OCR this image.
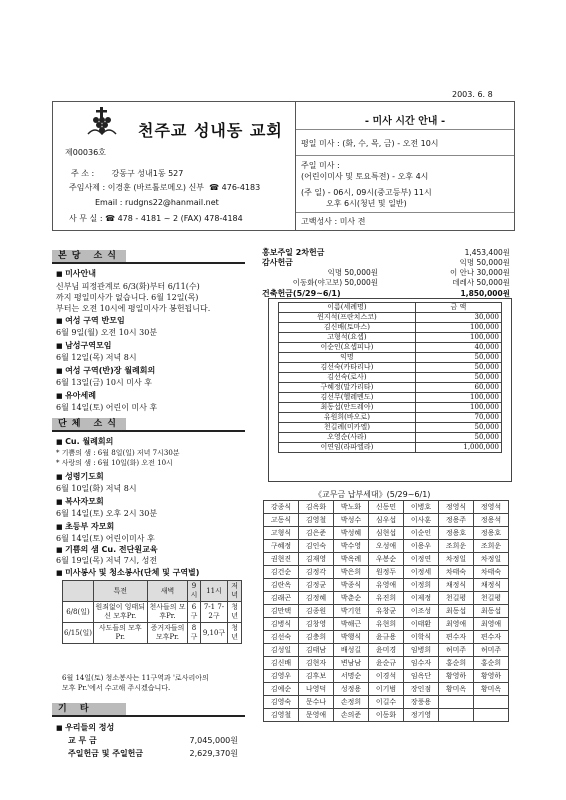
2003. 6. 8
천주교 성내동 교회
제00036호
주 소 : 강동구 성내1동 527
주임사제 : 이경훈 (바르톨로메오) 신부  ☎ 476-4183
Email : rudgns22@hanmail.net
사 무 실 : ☎ 478 - 4181 ~ 2 (FAX) 478-4184
- 미사 시간 안내 -
평일 미사 : (화, 수, 목, 금) - 오전 10시
주일 미사 :
(어린이미사 및 토요특전) - 오후 4시
(주 일) - 06시, 09시(중고등부) 11시
오후 6시(청년 및 일반)
고백성사 : 미사 전
본당 소식
■ 미사안내
신부님 피정관계로 6/3(화)부터 6/11(수)
까지 평일미사가 없습니다. 6월 12일(목)
부터는 오전 10시에 평일미사가 봉헌됩니다.
■ 여성 구역 반모임
6월 9일(월) 오전 10시 30분
■ 남성구역모임
6월 12일(목) 저녁 8시
■ 여성 구역(반)장 월례회의
6월 13일(금) 10시 미사 후
■ 유아세례
6월 14일(토) 어린이 미사 후
단체 소식
■ Cu. 월례회의
* 기쁨의 샘 : 6월 8일(일) 저녁 7시30분
* 사랑의 샘 : 6월 10일(화) 오전 10시
■ 성령기도회
6월 10일(화) 저녁 8시
■ 복사자모회
6월 14일(토) 오후 2시 30분
■ 초등부 자모회
6월 14일(토) 어린이미사 후
■ 기쁨의 샘 Cu. 전단원교육
6월 19일(목) 저녁 7시, 성전
■ 미사봉사 및 청소봉사(단체 및 구역별)
	특전	새벽	9시	11시	저녁
6/8(일)	원죄없이 잉태되신 모후Pr.	천사들의 모후Pr.	6구	7-1 7-2구	청년
6/15(일)	사도들의 모후Pr.	증거자들의 모후Pr.	8구	9,10구	청년
6월 14일(토) 청소봉사는 11구역과 '로사리아의
모후 Pr.'에서 수고해 주시겠습니다.
기 타
■ 우리들의 정성
교 무 금	7,045,000원
주일헌금 및 주일헌금	2,629,370원
홍보주일 2차헌금	1,453,400원
감사헌금	익명 50,000원
이름(세례명)	금 액
윈지석(프란치스코)	30,000
김신배(토마스)	100,000
고형석(요셉)	100,000
이순인(요셉피나)	40,000
익명	50,000
김선숙(카타리나)	50,000
김선숙(로사)	50,000
구혜정(말가리타)	60,000
김선무(헬레멘도)	100,000
최동섭(안드레아)	100,000
유원희(바오로)	70,000
천길례(미카엘)	50,000
오영순(사라)	50,000
이연임(라파엘라)	1,000,000
익명 50,000원	이 안나 30,000원
《교무금 납부세대》(5/29~6/1)
강종식	김옥화	박노화	신동민	이병호	정영식	정영석
고동식	김영철	박성수	심우섭	이사훈	정용주	정용석
고형식	김은준	박성혜	심현섭	이순인	정용호	정용호
구혜정	김인숙	박수영	오성애	이용우	조희운	조희운
권현진	김재영	박옥례	우봉순	이정연	차정일	차정일
김건순	김정각	박은희	원정두	이정세	차태숙	차태숙
김란옥	김정균	박종식	유영애	이정희	채정식	채정식
김래곤	김정혜	박춘순	유진희	이제정	천길평	천길평
김만택	김종원	박기헌	유창균	이조성	최동섭	최동섭
김병식	김창영	박해근	유현희	이태환	최영애	최영애
김선숙	김충희	박행식	윤규용	이학식	편수자	편수자
김성일	김태남	배성길	윤미경	임병희	허미주	허미주
김신배	김현자	변남남	윤순규	임수자	홍순희	홍순희
김영우	김후보	서명순	이경석	임옥단	황영하	황영하
김예순	나영덕	성정용	이기범	장인점	황미옥	황미옥
김영숙	문수나	손정희	이길수	장풍용		
김영철	문영애	손의준	이동화	정기영		
이동화(야고보) 50,000원	데레사 50,000원
건축헌금(5/29~6/1)	1,850,000원
